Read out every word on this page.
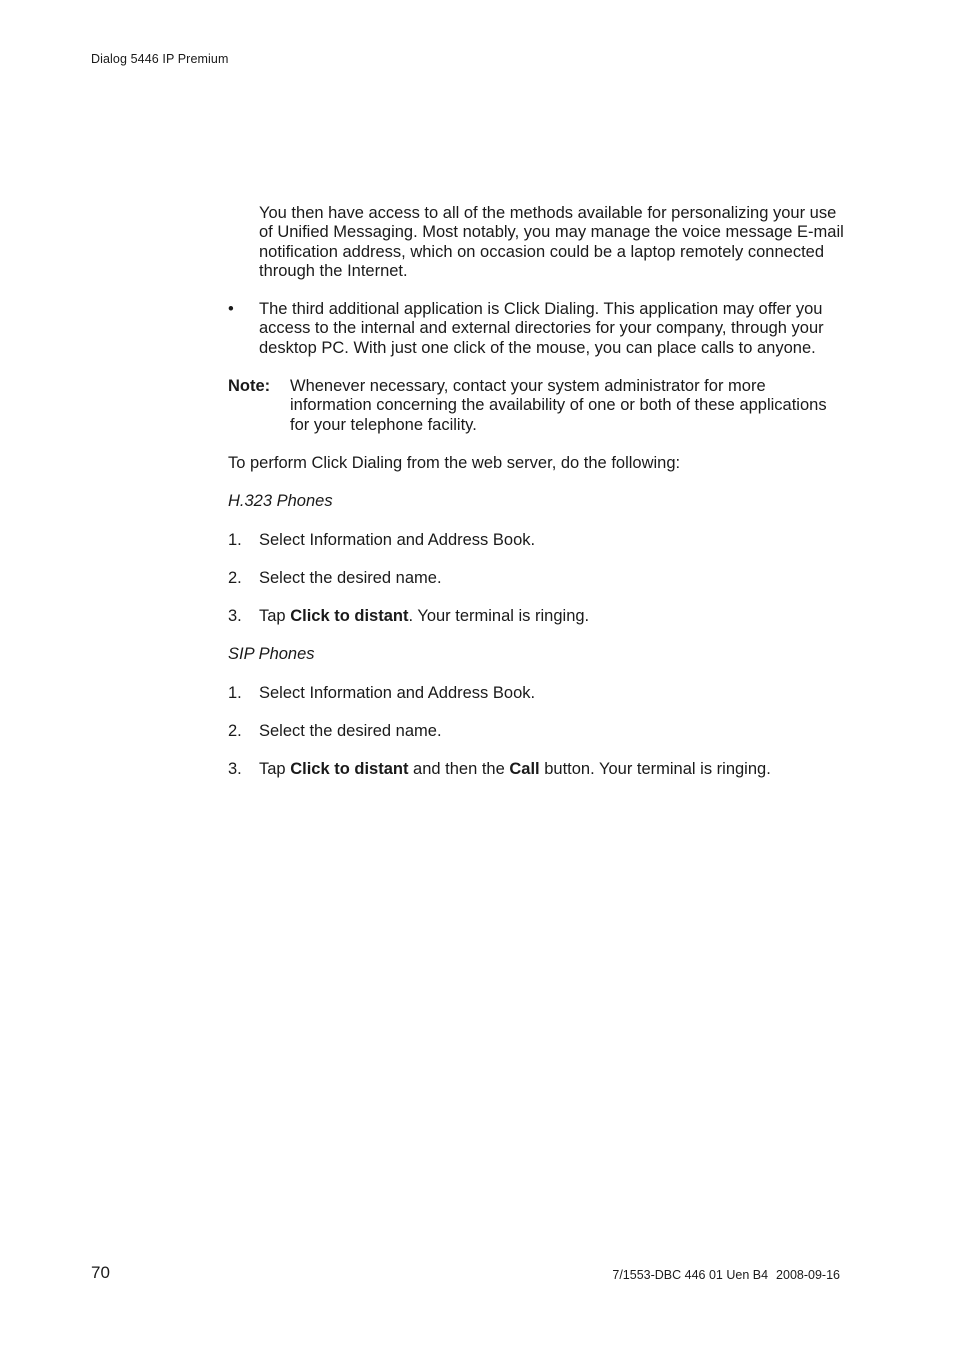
Dialog 5446 IP Premium

You then have access to all of the methods available for personalizing your use of Unified Messaging. Most notably, you may manage the voice message E-mail notification address, which on occasion could be a laptop remotely connected through the Internet.

•	The third additional application is Click Dialing. This application may offer you access to the internal and external directories for your company, through your desktop PC. With just one click of the mouse, you can place calls to anyone.
Note:	Whenever necessary, contact your system administrator for more information concerning the availability of one or both of these applications for your telephone facility.

To perform Click Dialing from the web server, do the following:

H.323 Phones

1.	Select Information and Address Book.
2.	Select the desired name.
3.	Tap Click to distant. Your terminal is ringing.

SIP Phones

1.	Select Information and Address Book.
2.	Select the desired name.
3.	Tap Click to distant and then the Call button. Your terminal is ringing.
70	7/1553-DBC 446 01 Uen B4 2008-09-16
